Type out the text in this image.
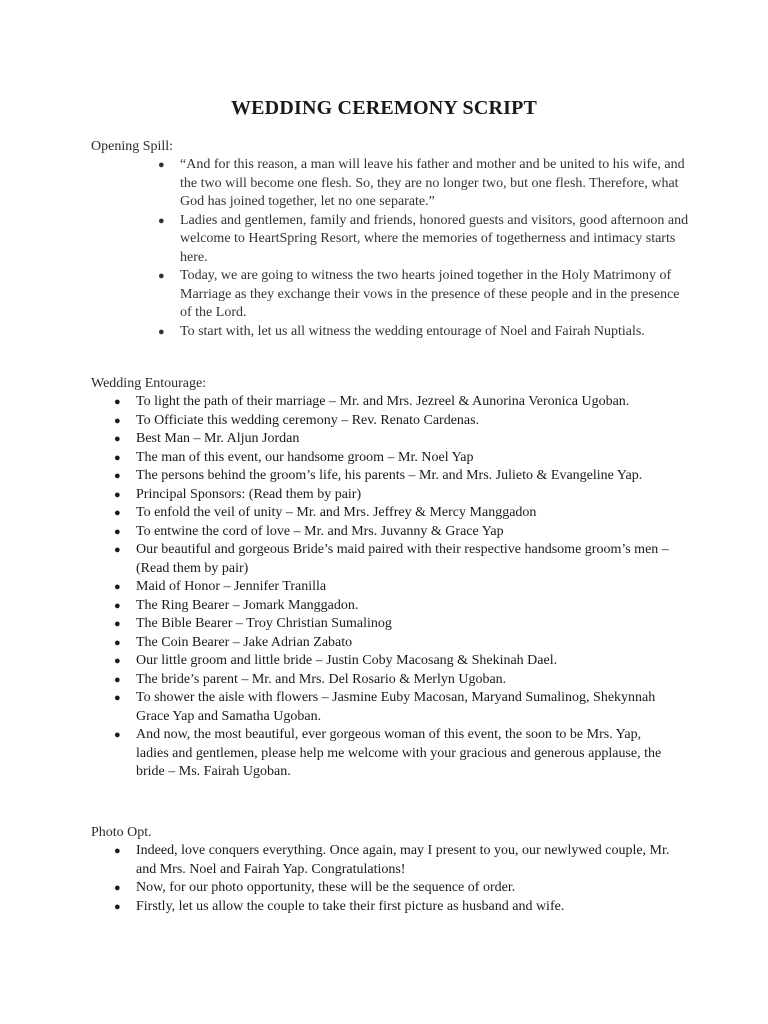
WEDDING CEREMONY SCRIPT
Opening Spill:
● “And for this reason, a man will leave his father and mother and be united to his wife, and the two will become one flesh. So, they are no longer two, but one flesh. Therefore, what God has joined together, let no one separate.”
● Ladies and gentlemen, family and friends, honored guests and visitors, good afternoon and welcome to HeartSpring Resort, where the memories of togetherness and intimacy starts here.
● Today, we are going to witness the two hearts joined together in the Holy Matrimony of Marriage as they exchange their vows in the presence of these people and in the presence of the Lord.
● To start with, let us all witness the wedding entourage of Noel and Fairah Nuptials.
Wedding Entourage:
● To light the path of their marriage – Mr. and Mrs. Jezreel & Aunorina Veronica Ugoban.
● To Officiate this wedding ceremony – Rev. Renato Cardenas.
● Best Man – Mr. Aljun Jordan
● The man of this event, our handsome groom – Mr. Noel Yap
● The persons behind the groom’s life, his parents – Mr. and Mrs. Julieto & Evangeline Yap.
● Principal Sponsors: (Read them by pair)
● To enfold the veil of unity – Mr. and Mrs. Jeffrey & Mercy Manggadon
● To entwine the cord of love – Mr. and Mrs. Juvanny & Grace Yap
● Our beautiful and gorgeous Bride’s maid paired with their respective handsome groom’s men – (Read them by pair)
● Maid of Honor – Jennifer Tranilla
● The Ring Bearer – Jomark Manggadon.
● The Bible Bearer – Troy Christian Sumalinog
● The Coin Bearer – Jake Adrian Zabato
● Our little groom and little bride – Justin Coby Macosang & Shekinah Dael.
● The bride’s parent – Mr. and Mrs. Del Rosario & Merlyn Ugoban.
● To shower the aisle with flowers – Jasmine Euby Macosan, Maryand Sumalinog, Shekynnah Grace Yap and Samatha Ugoban.
● And now, the most beautiful, ever gorgeous woman of this event, the soon to be Mrs. Yap, ladies and gentlemen, please help me welcome with your gracious and generous applause, the bride – Ms. Fairah Ugoban.
Photo Opt.
● Indeed, love conquers everything. Once again, may I present to you, our newlywed couple, Mr. and Mrs. Noel and Fairah Yap. Congratulations!
● Now, for our photo opportunity, these will be the sequence of order.
● Firstly, let us allow the couple to take their first picture as husband and wife.
